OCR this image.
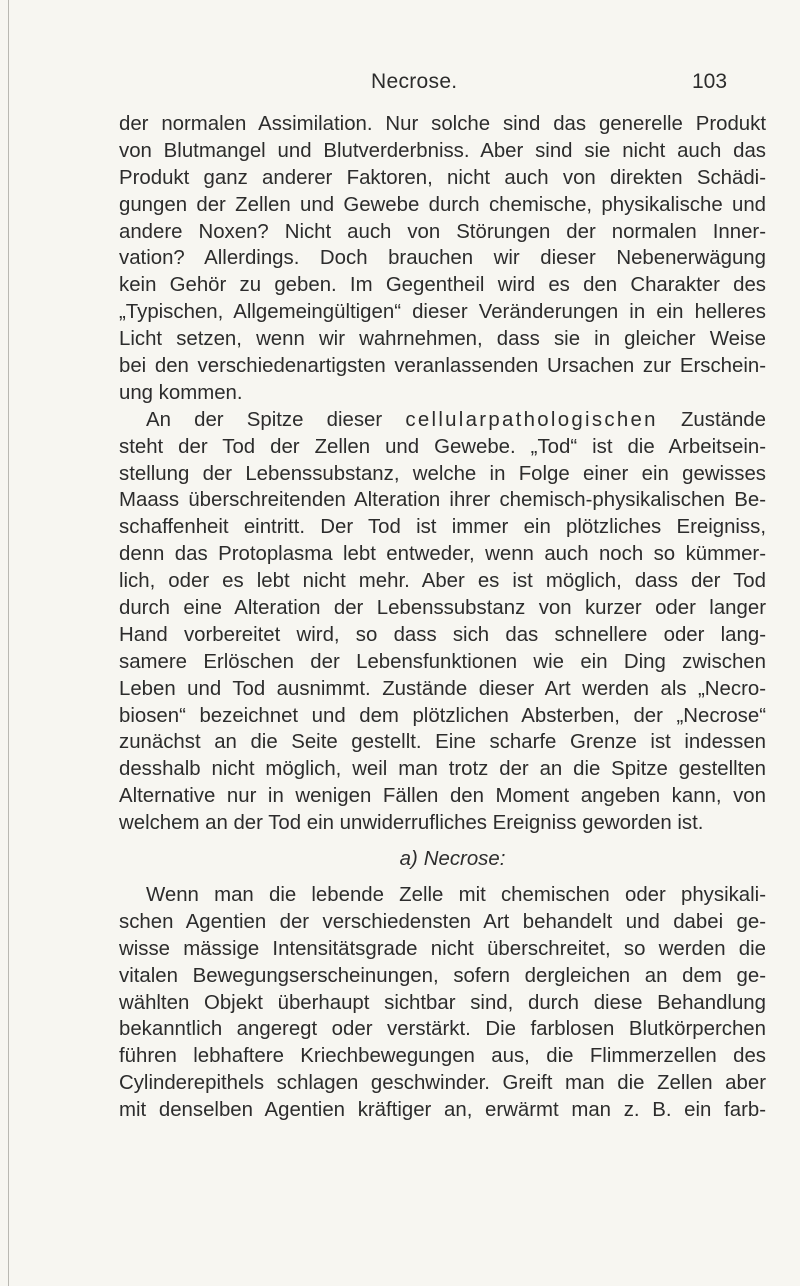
Necrose.	103
der normalen Assimilation. Nur solche sind das generelle Produkt
von Blutmangel und Blutverderbniss. Aber sind sie nicht auch das
Produkt ganz anderer Faktoren, nicht auch von direkten Schädi-
gungen der Zellen und Gewebe durch chemische, physikalische und
andere Noxen? Nicht auch von Störungen der normalen Inner-
vation? Allerdings. Doch brauchen wir dieser Nebenerwägung
kein Gehör zu geben. Im Gegentheil wird es den Charakter des
„Typischen, Allgemeingültigen“ dieser Veränderungen in ein helleres
Licht setzen, wenn wir wahrnehmen, dass sie in gleicher Weise
bei den verschiedenartigsten veranlassenden Ursachen zur Erschein-
ung kommen.
An der Spitze dieser cellularpathologischen Zustände
steht der Tod der Zellen und Gewebe. „Tod“ ist die Arbeitsein-
stellung der Lebenssubstanz, welche in Folge einer ein gewisses
Maass überschreitenden Alteration ihrer chemisch-physikalischen Be-
schaffenheit eintritt. Der Tod ist immer ein plötzliches Ereigniss,
denn das Protoplasma lebt entweder, wenn auch noch so kümmer-
lich, oder es lebt nicht mehr. Aber es ist möglich, dass der Tod
durch eine Alteration der Lebenssubstanz von kurzer oder langer
Hand vorbereitet wird, so dass sich das schnellere oder lang-
samere Erlöschen der Lebensfunktionen wie ein Ding zwischen
Leben und Tod ausnimmt. Zustände dieser Art werden als „Necro-
biosen“ bezeichnet und dem plötzlichen Absterben, der „Necrose“
zunächst an die Seite gestellt. Eine scharfe Grenze ist indessen
desshalb nicht möglich, weil man trotz der an die Spitze gestellten
Alternative nur in wenigen Fällen den Moment angeben kann, von
welchem an der Tod ein unwiderrufliches Ereigniss geworden ist.
a) Necrose:
Wenn man die lebende Zelle mit chemischen oder physikali-
schen Agentien der verschiedensten Art behandelt und dabei ge-
wisse mässige Intensitätsgrade nicht überschreitet, so werden die
vitalen Bewegungserscheinungen, sofern dergleichen an dem ge-
wählten Objekt überhaupt sichtbar sind, durch diese Behandlung
bekanntlich angeregt oder verstärkt. Die farblosen Blutkörperchen
führen lebhaftere Kriechbewegungen aus, die Flimmerzellen des
Cylinderepithels schlagen geschwinder. Greift man die Zellen aber
mit denselben Agentien kräftiger an, erwärmt man z. B. ein farb-
